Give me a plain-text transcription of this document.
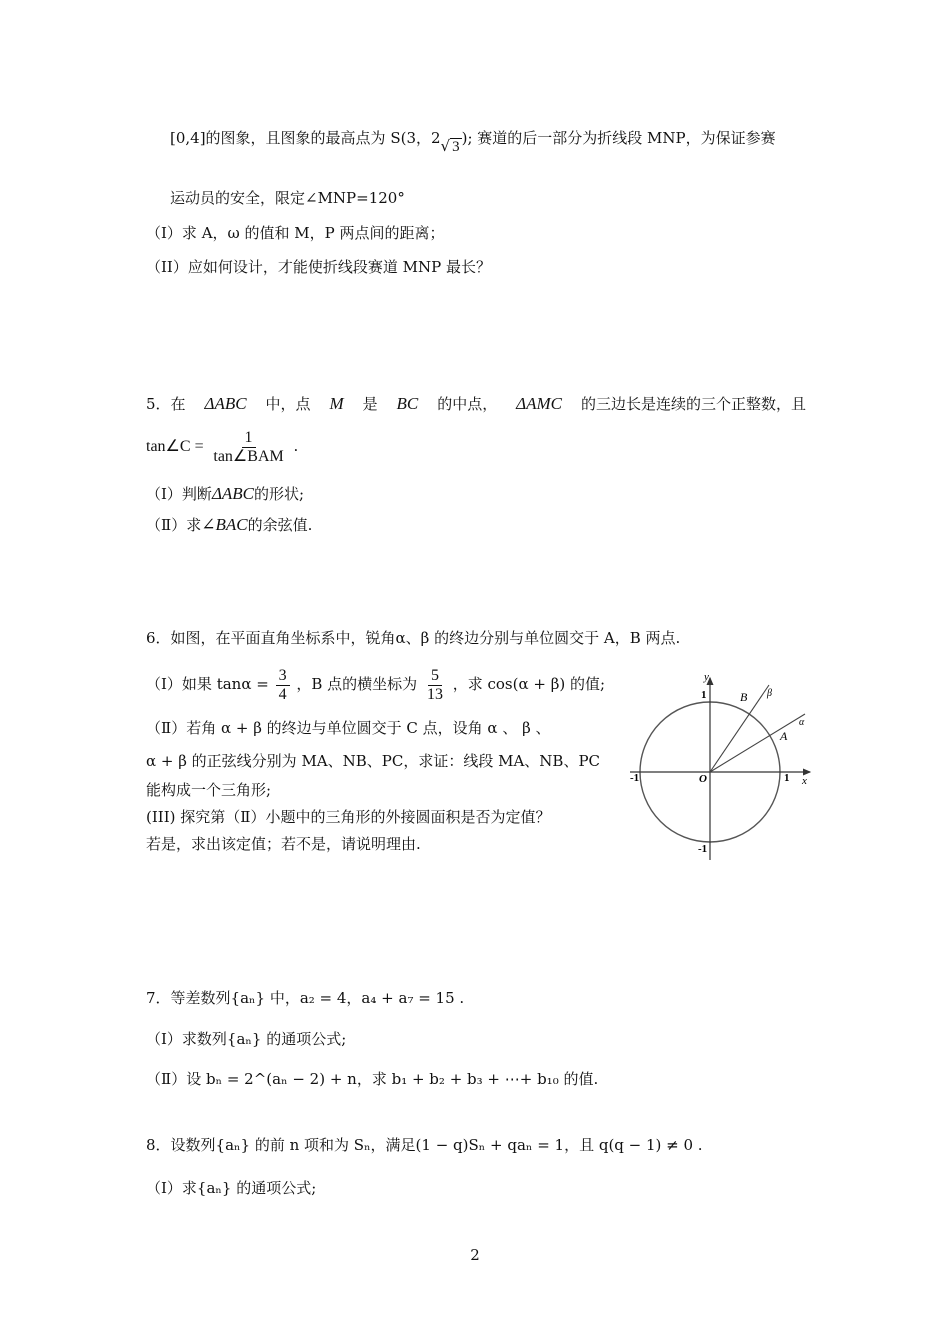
[0,4]的图象，且图象的最高点为 S(3，2√ 3 ); 赛道的后一部分为折线段 MNP，为保证参赛
运动员的安全，限定∠MNP=120°
（I）求 A，ω 的值和 M，P 两点间的距离；
（II）应如何设计，才能使折线段赛道 MNP 最长？
5．在 ΔABC 中，点 M 是 BC 的中点， ΔAMC 的三边长是连续的三个正整数，且
tan∠C = $\frac{1}{\text{tan∠BAM}}$ .
（Ⅰ）判断ΔABC的形状;
（Ⅱ）求∠BAC的余弦值.
6．如图，在平面直角坐标系中，锐角α、β 的终边分别与单位圆交于 A，B 两点.
（Ⅰ）如果 $\tan\alpha = \frac{3}{4}$ ，B 点的横坐标为 $\frac{5}{13}$ ，求 cos(α + β) 的值;
（Ⅱ）若角 α + β 的终边与单位圆交于 C 点，设角 α 、 β 、
α + β 的正弦线分别为 MA、NB、PC，求证：线段 MA、NB、PC
能构成一个三角形;
(III) 探究第（Ⅱ）小题中的三角形的外接圆面积是否为定值？
若是，求出该定值；若不是，请说明理由.
y
x
O
1
-1
1
-1
A
B
α
β
7．等差数列{aₙ} 中，a₂ = 4，a₄ + a₇ = 15 .
（Ⅰ）求数列{aₙ} 的通项公式;
（Ⅱ）设 bₙ = 2^(aₙ − 2) + n，求 b₁ + b₂ + b₃ + ⋯+ b₁₀ 的值.
8．设数列{aₙ} 的前 n 项和为 Sₙ，满足(1 − q)Sₙ + qaₙ = 1，且 q(q − 1) ≠ 0 .
（Ⅰ）求{aₙ} 的通项公式;
2
